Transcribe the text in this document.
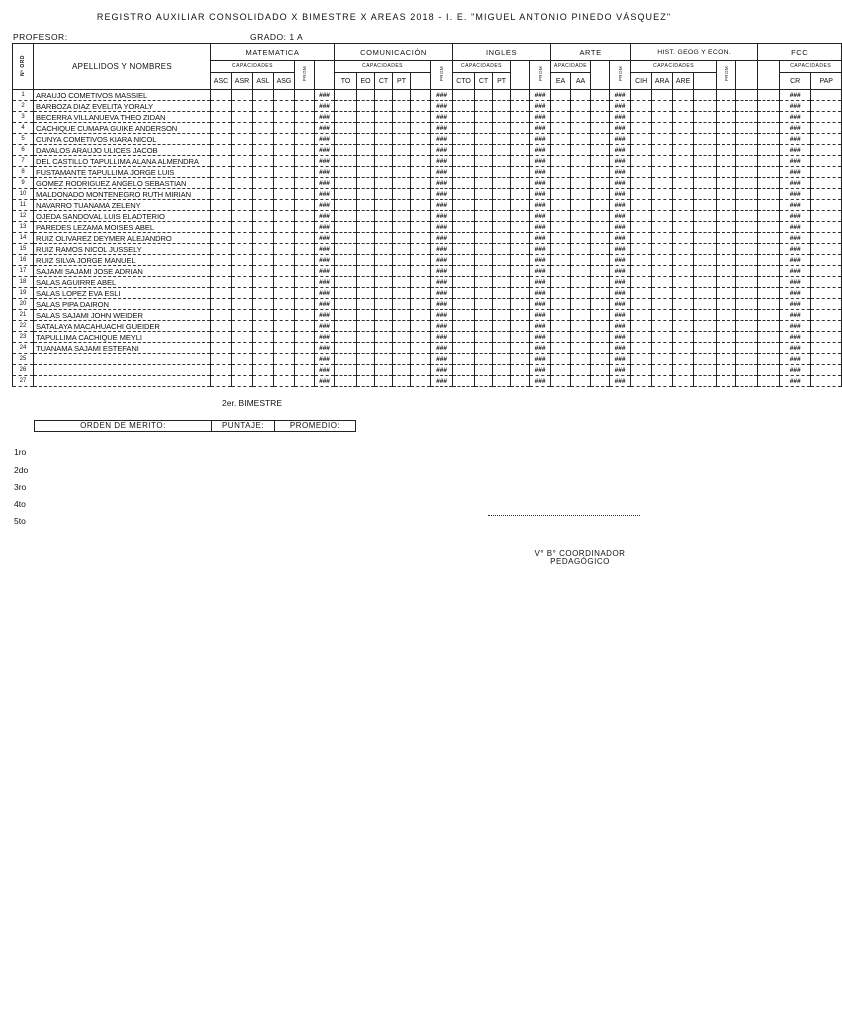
REGISTRO AUXILIAR CONSOLIDADO X BIMESTRE X AREAS 2018 - I. E. "MIGUEL ANTONIO PINEDO VÁSQUEZ"
PROFESOR:	GRADO: 1 A
Nº ORD	APELLIDOS Y NOMBRES	MATEMATICA						COMUNICACIÓN						INGLES					ARTE				HIST. GEOG Y ECON.						FCC		
		CAPACIDADES				PROM		CAPACIDADES					PROM	CAPACIDADES				PROM	APACIDADE			PROM	CAPACIDADES				PROM			CAPACIDADES	
		ASC	ASR	ASL	ASG			TO	EO	CT	PT			CTO	CT	PT			EA	AA			CIH	ARA	ARE					CR	PAP
1	ARAUJO COMETIVOS MASSIEL						###						###					###				###								###	
2	BARBOZA DIAZ EVELITA YORALY						###						###					###				###								###	
3	BECERRA VILLANUEVA THEO ZIDAN						###						###					###				###								###	
4	CACHIQUE CUMAPA GUIKE ANDERSON						###						###					###				###								###	
5	CUNYA COMETIVOS KIARA NICOL						###						###					###				###								###	
6	DAVALOS ARAUJO ULICES JACOB						###						###					###				###								###	
7	DEL CASTILLO TAPULLIMA ALANA ALMENDRA						###						###					###				###								###	
8	FUSTAMANTE TAPULLIMA JORGE LUIS						###						###					###				###								###	
9	GOMEZ RODRIGUEZ ANGELO SEBASTIAN						###						###					###				###								###	
10	MALDONADO MONTENEGRO RUTH MIRIAN						###						###					###				###								###	
11	NAVARRO TUANAMA ZELENY						###						###					###				###								###	
12	OJEDA SANDOVAL LUIS ELADTERIO						###						###					###				###								###	
13	PAREDES LEZAMA MOISES ABEL						###						###					###				###								###	
14	RUIZ OLIVAREZ DEYMER ALEJANDRO						###						###					###				###								###	
15	RUIZ RAMOS NICOL JUSSELY						###						###					###				###								###	
16	RUIZ SILVA JORGE MANUEL						###						###					###				###								###	
17	SAJAMI SAJAMI JOSE ADRIAN						###						###					###				###								###	
18	SALAS AGUIRRE ABEL						###						###					###				###								###	
19	SALAS LOPEZ EVA ESLI						###						###					###				###								###	
20	SALAS PIPA DAIRON						###						###					###				###								###	
21	SALAS SAJAMI JOHN WEIDER						###						###					###				###								###	
22	SATALAYA MACAHUACHI GUEIDER						###						###					###				###								###	
23	TAPULLIMA CACHIQUE MEYLI						###						###					###				###								###	
24	TUANAMA SAJAMI ESTEFANI						###						###					###				###								###	
25							###						###					###				###								###	
26							###						###					###				###								###	
27							###						###					###				###								###	
2er. BIMESTRE
ORDEN DE MERITO:	PUNTAJE:	PROMEDIO:
1ro
2do
3ro
4to
5to
V° B° COORDINADOR
PEDAGÓGICO
